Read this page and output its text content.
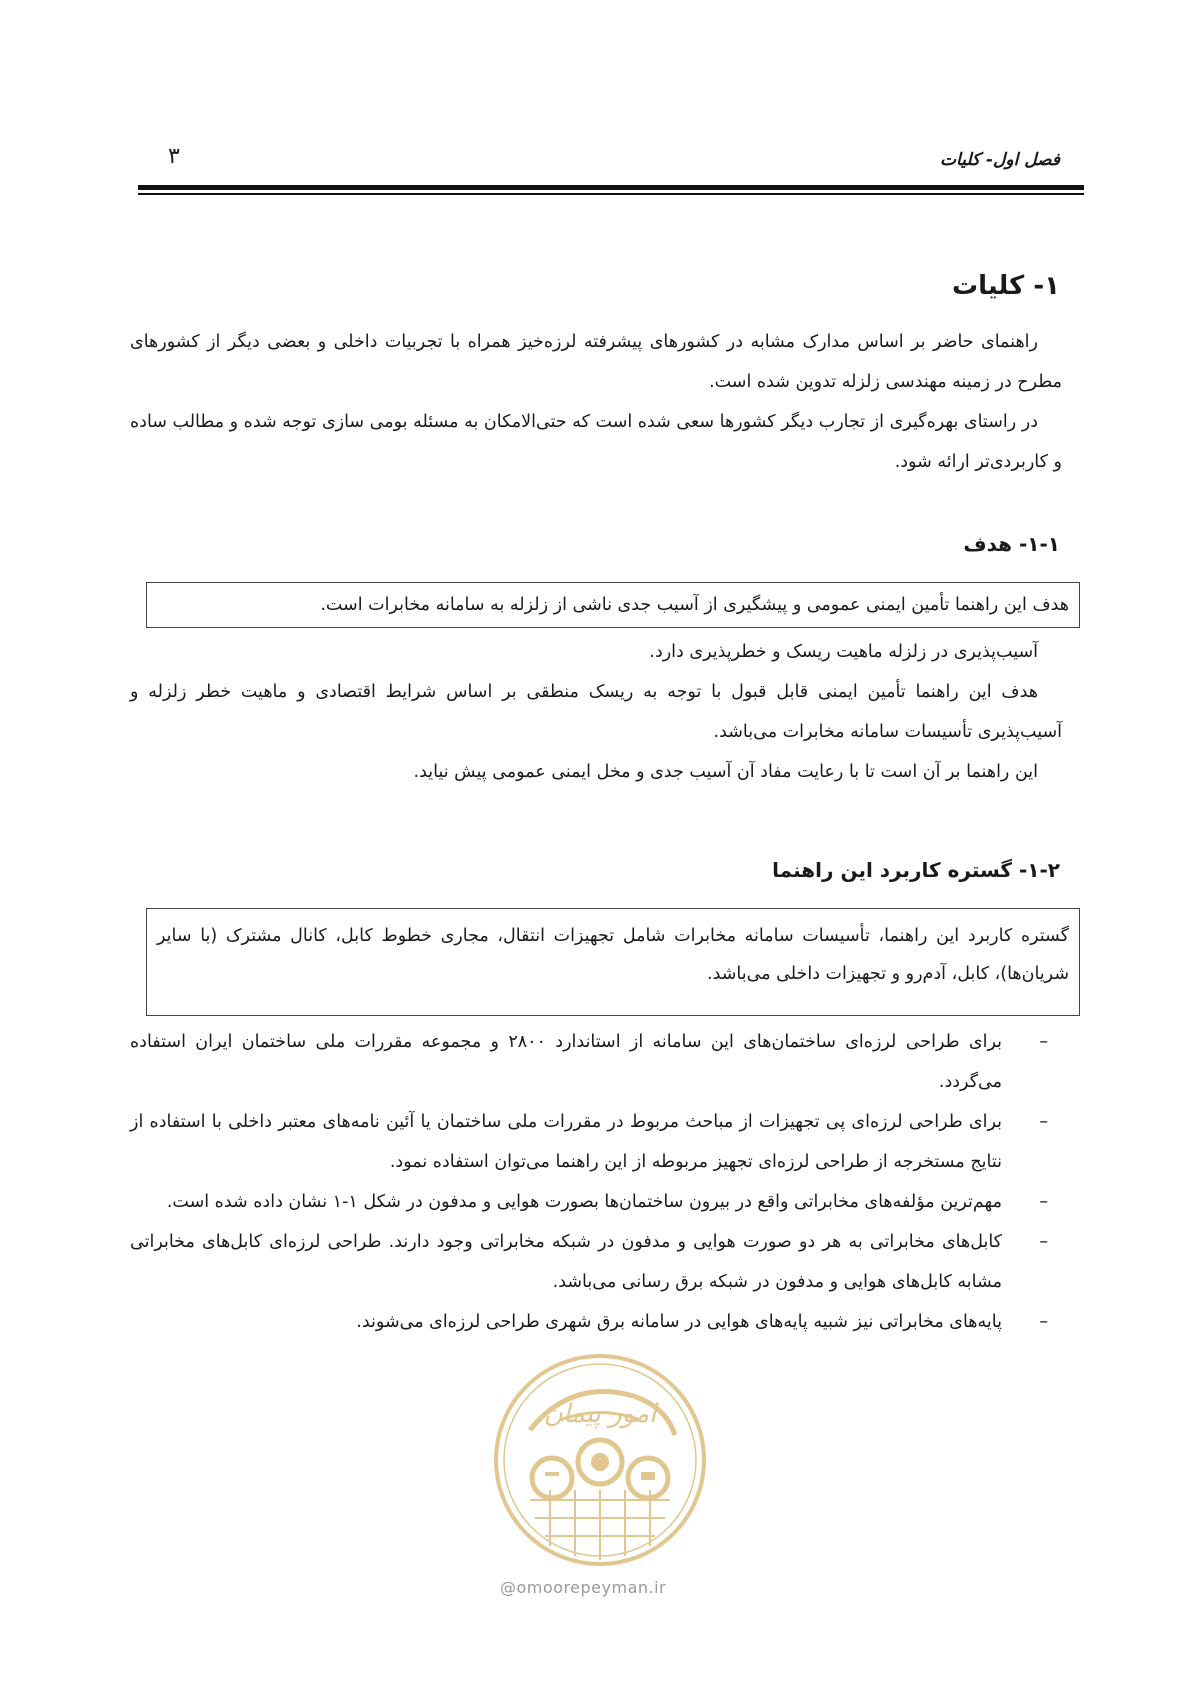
۳	فصل اول- کلیات
۱- کلیات

راهنمای حاضر بر اساس مدارک مشابه در کشورهای پیشرفته لرزه‌خیز همراه با تجربیات داخلی و بعضی دیگر از کشورهای مطرح در زمینه مهندسی زلزله تدوین شده است.

در راستای بهره‌گیری از تجارب دیگر کشورها سعی شده است که حتی‌الامکان به مسئله بومی سازی توجه شده و مطالب ساده و کاربردی‌تر ارائه شود.

۱-۱- هدف
هدف این راهنما تأمین ایمنی عمومی و پیشگیری از آسیب جدی ناشی از زلزله به سامانه مخابرات است.

آسیب‌پذیری در زلزله ماهیت ریسک و خطرپذیری دارد.

هدف این راهنما تأمین ایمنی قابل قبول با توجه به ریسک منطقی بر اساس شرایط اقتصادی و ماهیت خطر زلزله و آسیب‌پذیری تأسیسات سامانه مخابرات می‌باشد.

این راهنما بر آن است تا با رعایت مفاد آن آسیب جدی و مخل ایمنی عمومی پیش نیاید.

۱-۲- گستره کاربرد این راهنما
گستره کاربرد این راهنما، تأسیسات سامانه مخابرات شامل تجهیزات انتقال، مجاری خطوط کابل، کانال مشترک (با سایر شریان‌ها)، کابل، آدم‌رو و تجهیزات داخلی می‌باشد.
–
برای طراحی لرزه‌ای ساختمان‌های این سامانه از استاندارد ۲۸۰۰ و مجموعه مقررات ملی ساختمان ایران استفاده می‌گردد.
–
برای طراحی لرزه‌ای پی تجهیزات از مباحث مربوط در مقررات ملی ساختمان یا آئین نامه‌های معتبر داخلی با استفاده از نتایج مستخرجه از طراحی لرزه‌ای تجهیز مربوطه از این راهنما می‌توان استفاده نمود.
–
مهم‌ترین مؤلفه‌های مخابراتی واقع در بیرون ساختمان‌ها بصورت هوایی و مدفون در شکل ۱-۱ نشان داده شده است.
–
کابل‌های مخابراتی به هر دو صورت هوایی و مدفون در شبکه مخابراتی وجود دارند. طراحی لرزه‌ای کابل‌های مخابراتی مشابه کابل‌های هوایی و مدفون در شبکه برق رسانی می‌باشد.
–
پایه‌های مخابراتی نیز شبیه پایه‌های هوایی در سامانه برق شهری طراحی لرزه‌ای می‌شوند.
امور پیمان
@omoorepeyman.ir
